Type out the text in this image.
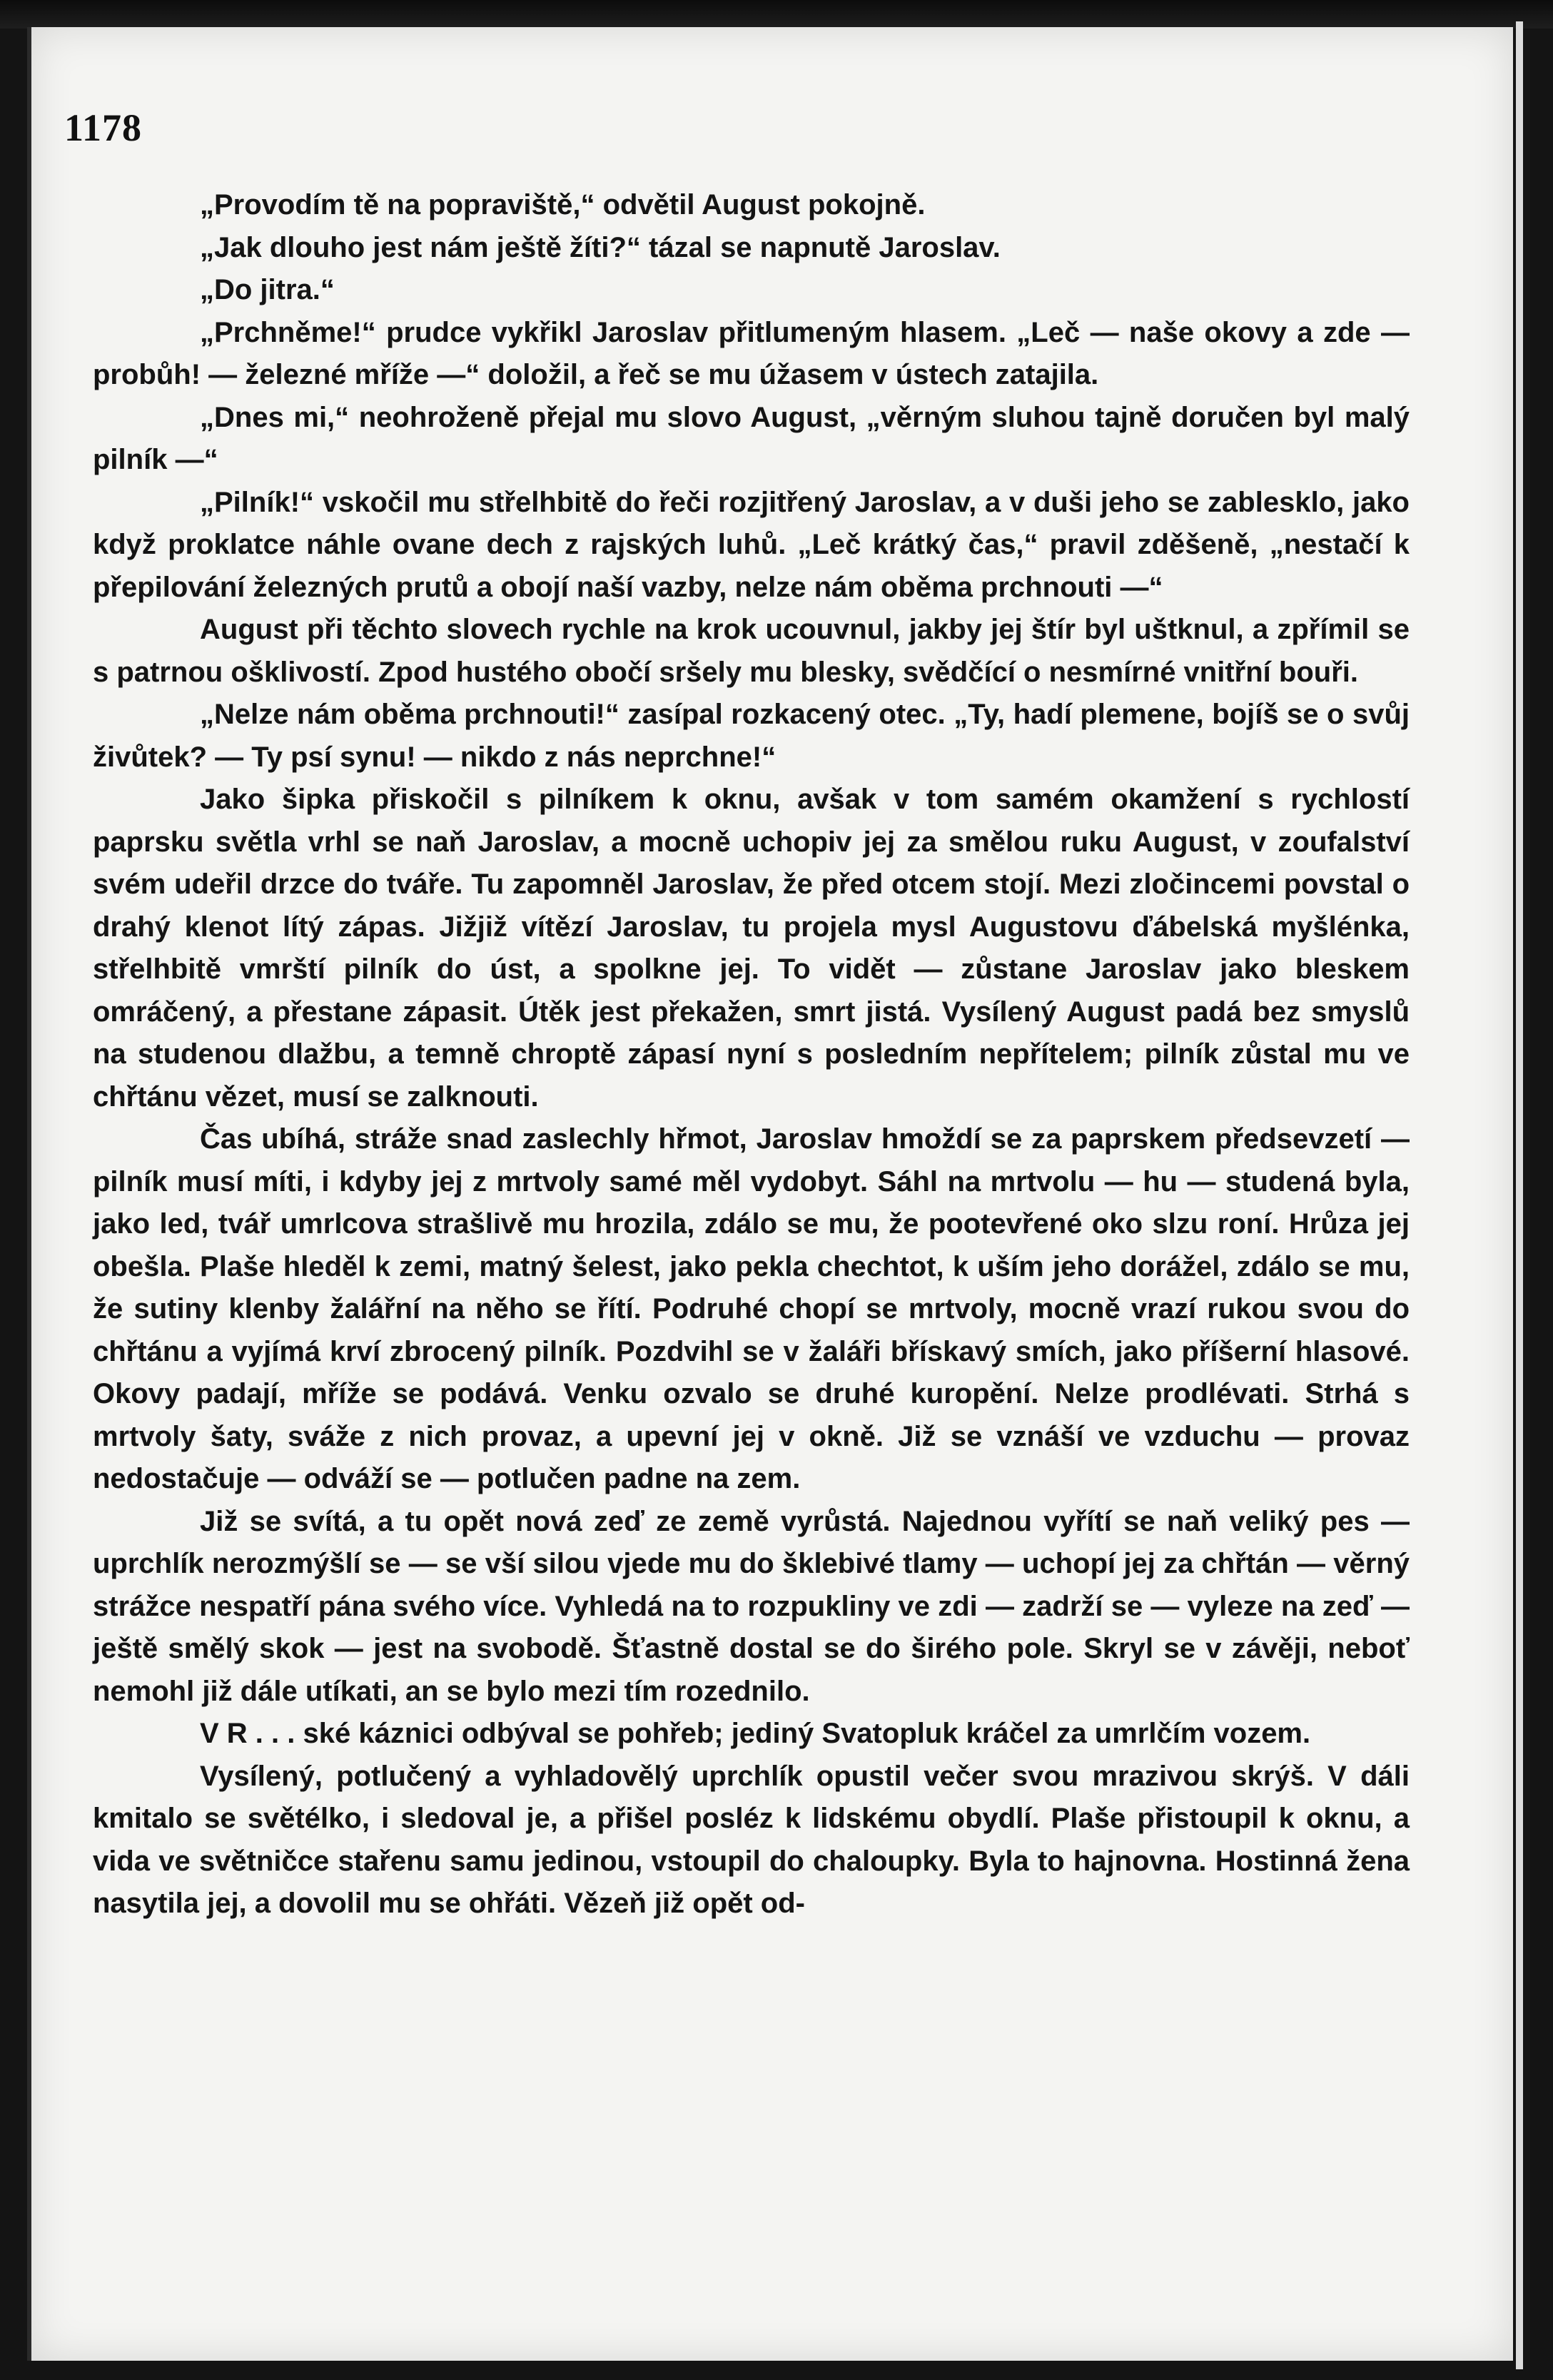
1178

„Provodím tě na popraviště,“ odvětil August pokojně.

„Jak dlouho jest nám ještě žíti?“ tázal se napnutě Jaroslav.

„Do jitra.“

„Prchněme!“ prudce vykřikl Jaroslav přitlumeným hlasem. „Leč — naše okovy a zde — probůh! — železné mříže —“ doložil, a řeč se mu úžasem v ústech zatajila.

„Dnes mi,“ neohroženě přejal mu slovo August, „věrným sluhou tajně doručen byl malý pilník —“

„Pilník!“ vskočil mu střelhbitě do řeči rozjitřený Jaroslav, a v duši jeho se zablesklo, jako když proklatce náhle ovane dech z rajských luhů. „Leč krátký čas,“ pravil zděšeně, „nestačí k přepilování železných prutů a obojí naší vazby, nelze nám oběma prchnouti —“

August při těchto slovech rychle na krok ucouvnul, jakby jej štír byl uštknul, a zpřímil se s patrnou ošklivostí. Zpod hustého obočí sršely mu blesky, svědčící o nesmírné vnitřní bouři.

„Nelze nám oběma prchnouti!“ zasípal rozkacený otec. „Ty, hadí plemene, bojíš se o svůj živůtek? — Ty psí synu! — nikdo z nás neprchne!“

Jako šipka přiskočil s pilníkem k oknu, avšak v tom samém okamžení s rychlostí paprsku světla vrhl se naň Jaroslav, a mocně uchopiv jej za smělou ruku August, v zoufalství svém udeřil drzce do tváře. Tu zapomněl Jaroslav, že před otcem stojí. Mezi zločincemi povstal o drahý klenot lítý zápas. Jižjiž vítězí Jaroslav, tu projela mysl Augustovu ďábelská myšlénka, střelhbitě vmrští pilník do úst, a spolkne jej. To vidět — zůstane Jaroslav jako bleskem omráčený, a přestane zápasit. Útěk jest překažen, smrt jistá. Vysílený August padá bez smyslů na studenou dlažbu, a temně chroptě zápasí nyní s posledním nepřítelem; pilník zůstal mu ve chřtánu vězet, musí se zalknouti.

Čas ubíhá, stráže snad zaslechly hřmot, Jaroslav hmoždí se za paprskem předsevzetí — pilník musí míti, i kdyby jej z mrtvoly samé měl vydobyt. Sáhl na mrtvolu — hu — studená byla, jako led, tvář umrlcova strašlivě mu hrozila, zdálo se mu, že pootevřené oko slzu roní. Hrůza jej obešla. Plaše hleděl k zemi, matný šelest, jako pekla chechtot, k uším jeho dorážel, zdálo se mu, že sutiny klenby žalářní na něho se řítí. Podruhé chopí se mrtvoly, mocně vrazí rukou svou do chřtánu a vyjímá krví zbrocený pilník. Pozdvihl se v žaláři břískavý smích, jako příšerní hlasové. Okovy padají, mříže se podává. Venku ozvalo se druhé kuropění. Nelze prodlévati. Strhá s mrtvoly šaty, sváže z nich provaz, a upevní jej v okně. Již se vznáší ve vzduchu — provaz nedostačuje — odváží se — potlučen padne na zem.

Již se svítá, a tu opět nová zeď ze země vyrůstá. Najednou vyřítí se naň veliký pes — uprchlík nerozmýšlí se — se vší silou vjede mu do šklebivé tlamy — uchopí jej za chřtán — věrný strážce nespatří pána svého více. Vyhledá na to rozpukliny ve zdi — zadrží se — vyleze na zeď — ještě smělý skok — jest na svobodě. Šťastně dostal se do širého pole. Skryl se v závěji, neboť nemohl již dále utíkati, an se bylo mezi tím rozednilo.

V R . . . ské káznici odbýval se pohřeb; jediný Svatopluk kráčel za umrlčím vozem.

Vysílený, potlučený a vyhladovělý uprchlík opustil večer svou mrazivou skrýš. V dáli kmitalo se světélko, i sledoval je, a přišel posléz k lidskému obydlí. Plaše přistoupil k oknu, a vida ve světničce stařenu samu jedinou, vstoupil do chaloupky. Byla to hajnovna. Hostinná žena nasytila jej, a dovolil mu se ohřáti. Vězeň již opět od-
